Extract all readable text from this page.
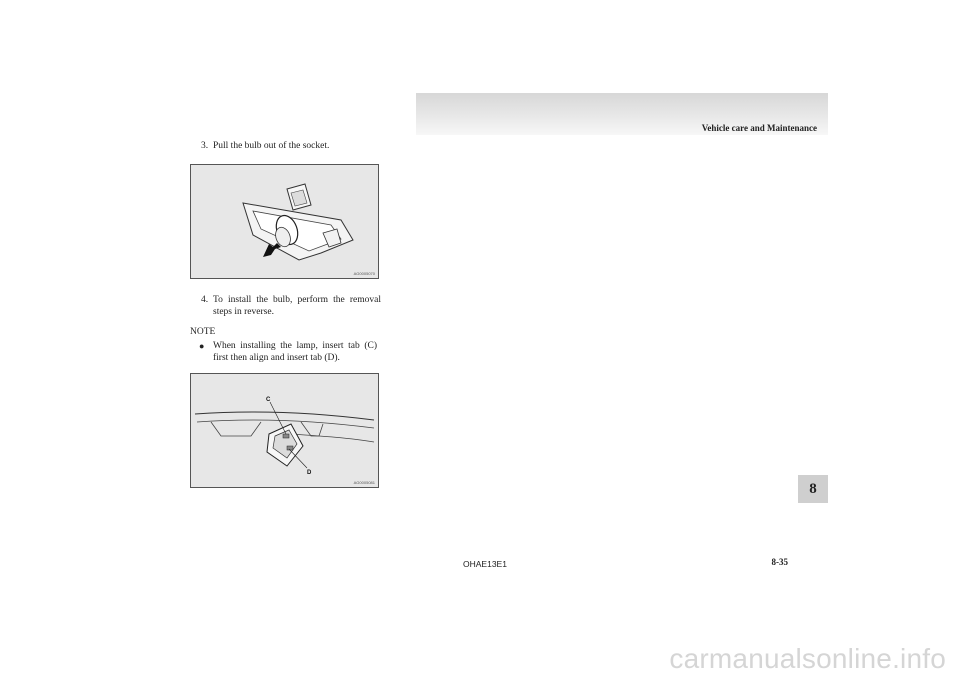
Vehicle care and Maintenance
3. Pull the bulb out of the socket.
AG0005070
4. To install the bulb, perform the removal steps in reverse.
NOTE
● When installing the lamp, insert tab (C) first then align and insert tab (D).
C
D
AG0005081	8
OHAE13E1	8-35
carmanualsonline.info
